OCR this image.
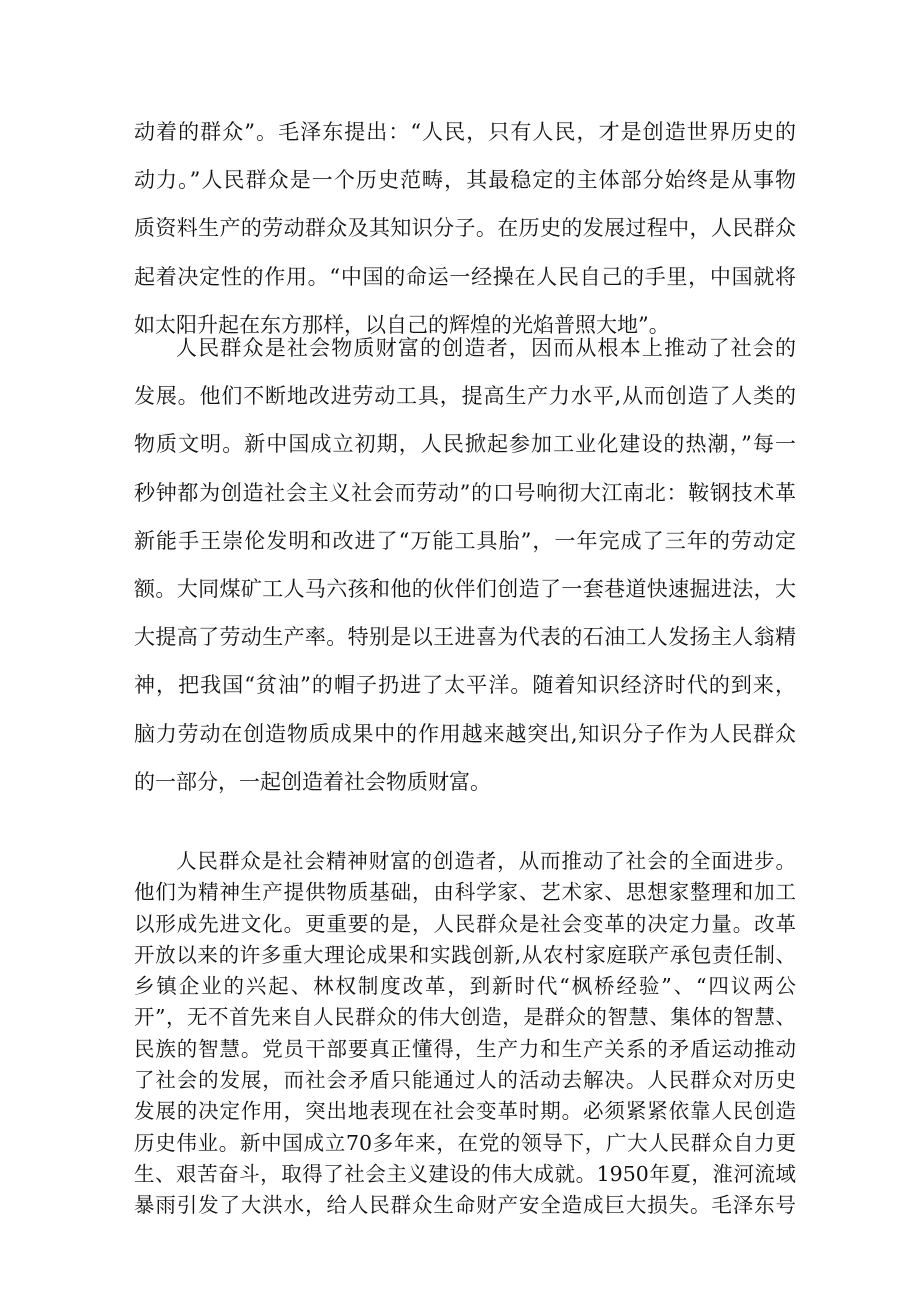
动着的群众”。毛泽东提出：“人民，只有人民，才是创造世界历史的
动力。”人民群众是一个历史范畴，其最稳定的主体部分始终是从事物
质资料生产的劳动群众及其知识分子。在历史的发展过程中，人民群众
起着决定性的作用。“中国的命运一经操在人民自己的手里，中国就将
如太阳升起在东方那样，以自己的辉煌的光焰普照大地”。
人民群众是社会物质财富的创造者，因而从根本上推动了社会的
发展。他们不断地改进劳动工具，提高生产力水平,从而创造了人类的
物质文明。新中国成立初期，人民掀起参加工业化建设的热潮，”每一
秒钟都为创造社会主义社会而劳动”的口号响彻大江南北：鞍钢技术革
新能手王崇伦发明和改进了“万能工具胎”，一年完成了三年的劳动定
额。大同煤矿工人马六孩和他的伙伴们创造了一套巷道快速掘进法，大
大提高了劳动生产率。特别是以王进喜为代表的石油工人发扬主人翁精
神，把我国“贫油”的帽子扔进了太平洋。随着知识经济时代的到来，
脑力劳动在创造物质成果中的作用越来越突出,知识分子作为人民群众
的一部分，一起创造着社会物质财富。
人民群众是社会精神财富的创造者，从而推动了社会的全面进步。
他们为精神生产提供物质基础，由科学家、艺术家、思想家整理和加工
以形成先进文化。更重要的是，人民群众是社会变革的决定力量。改革
开放以来的许多重大理论成果和实践创新,从农村家庭联产承包责任制、
乡镇企业的兴起、林权制度改革，到新时代“枫桥经验”、“四议两公
开”，无不首先来自人民群众的伟大创造，是群众的智慧、集体的智慧、
民族的智慧。党员干部要真正懂得，生产力和生产关系的矛盾运动推动
了社会的发展，而社会矛盾只能通过人的活动去解决。人民群众对历史
发展的决定作用，突出地表现在社会变革时期。必须紧紧依靠人民创造
历史伟业。新中国成立70多年来，在党的领导下，广大人民群众自力更
生、艰苦奋斗，取得了社会主义建设的伟大成就。1950年夏，淮河流域
暴雨引发了大洪水，给人民群众生命财产安全造成巨大损失。毛泽东号
